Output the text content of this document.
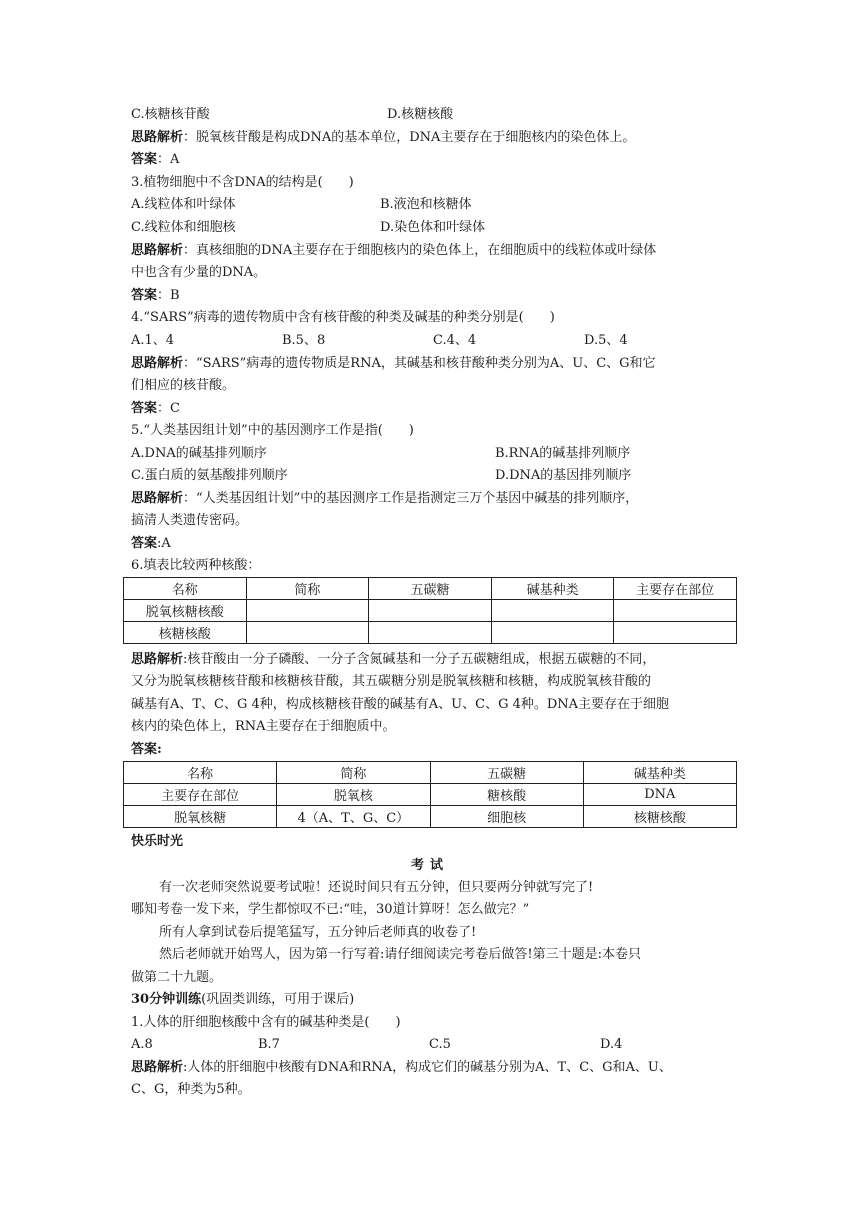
C.核糖核苷酸	D.核糖核酸
思路解析：脱氧核苷酸是构成DNA的基本单位，DNA主要存在于细胞核内的染色体上。
答案：A
3.植物细胞中不含DNA的结构是(　　)
A.线粒体和叶绿体	B.液泡和核糖体
C.线粒体和细胞核	D.染色体和叶绿体
思路解析：真核细胞的DNA主要存在于细胞核内的染色体上，在细胞质中的线粒体或叶绿体
中也含有少量的DNA。
答案：B
4.“SARS”病毒的遗传物质中含有核苷酸的种类及碱基的种类分别是(　　)
A.1、4	B.5、8	C.4、4	D.5、4
思路解析：“SARS”病毒的遗传物质是RNA，其碱基和核苷酸种类分别为A、U、C、G和它
们相应的核苷酸。
答案：C
5.“人类基因组计划”中的基因测序工作是指(　　)
A.DNA的碱基排列顺序	B.RNA的碱基排列顺序
C.蛋白质的氨基酸排列顺序	D.DNA的基因排列顺序
思路解析：“人类基因组计划”中的基因测序工作是指测定三万个基因中碱基的排列顺序，
搞清人类遗传密码。
答案:A
6.填表比较两种核酸：
名称	简称	五碳糖	碱基种类	主要存在部位
脱氧核糖核酸				
核糖核酸				
思路解析:核苷酸由一分子磷酸、一分子含氮碱基和一分子五碳糖组成，根据五碳糖的不同，
又分为脱氧核糖核苷酸和核糖核苷酸，其五碳糖分别是脱氧核糖和核糖，构成脱氧核苷酸的
碱基有A、T、C、G 4种，构成核糖核苷酸的碱基有A、U、C、G 4种。DNA主要存在于细胞
核内的染色体上，RNA主要存在于细胞质中。
答案:
名称	简称	五碳糖	碱基种类
主要存在部位	脱氧核	糖核酸	DNA
脱氧核糖	4（A、T、G、C）	细胞核	核糖核酸
快乐时光
考试
有一次老师突然说要考试啦！还说时间只有五分钟，但只要两分钟就写完了!
哪知考卷一发下来，学生都惊叹不已:“哇，30道计算呀！怎么做完？”
所有人拿到试卷后提笔猛写，五分钟后老师真的收卷了!
然后老师就开始骂人，因为第一行写着:请仔细阅读完考卷后做答!第三十题是:本卷只
做第二十九题。
30分钟训练(巩固类训练，可用于课后)
1.人体的肝细胞核酸中含有的碱基种类是(　　)
A.8	B.7	C.5	D.4
思路解析:人体的肝细胞中核酸有DNA和RNA，构成它们的碱基分别为A、T、C、G和A、U、
C、G，种类为5种。
